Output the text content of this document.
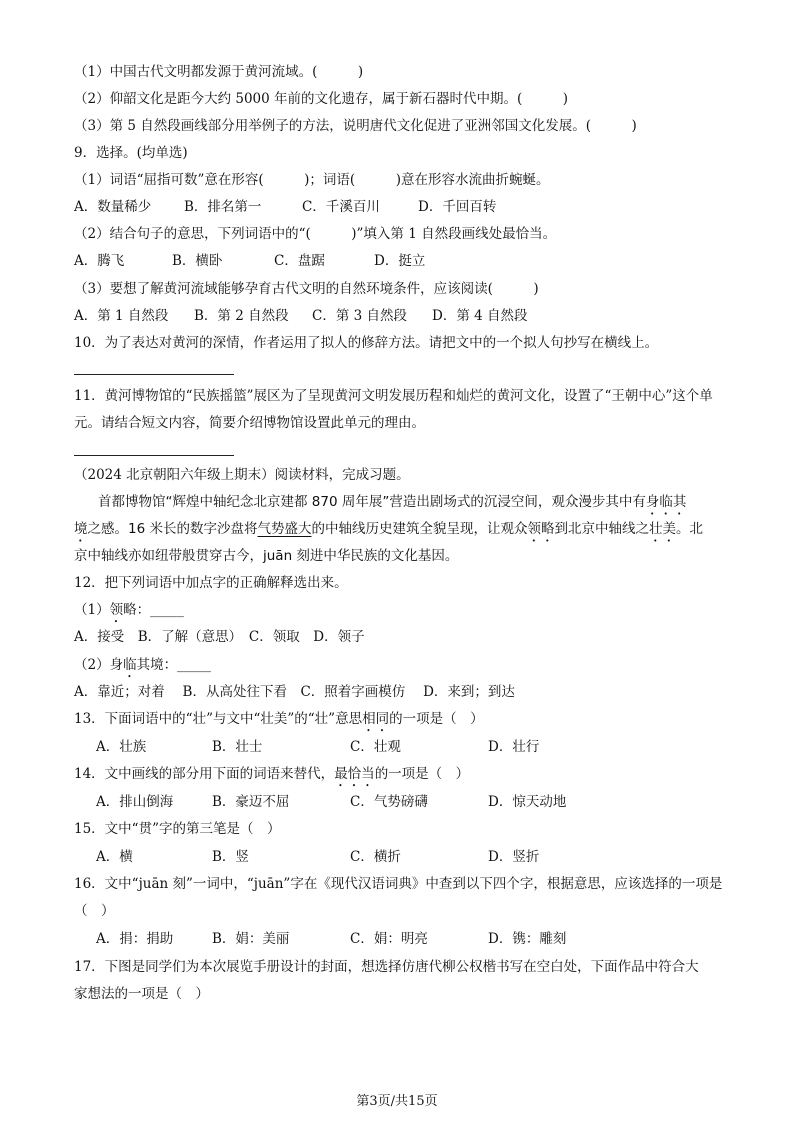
（1）中国古代文明都发源于黄河流域。(　　　)
（2）仰韶文化是距今大约 5000 年前的文化遗存，属于新石器时代中期。(　　　)
（3）第 5 自然段画线部分用举例子的方法，说明唐代文化促进了亚洲邻国文化发展。(　　　)
9．选择。(均单选)
（1）词语“屈指可数”意在形容(　　　)；词语(　　　)意在形容水流曲折蜿蜒。
A．数量稀少 B．排名第一	C．千溪百川	D．千回百转
（2）结合句子的意思，下列词语中的“(　　　)”填入第 1 自然段画线处最恰当。
A．腾飞	B．横卧	C．盘踞	D．挺立
（3）要想了解黄河流域能够孕育古代文明的自然环境条件，应该阅读(　　　)
A．第 1 自然段 B．第 2 自然段 C．第 3 自然段 D．第 4 自然段
10．为了表达对黄河的深情，作者运用了拟人的修辞方法。请把文中的一个拟人句抄写在横线上。
11．黄河博物馆的“民族摇篮”展区为了呈现黄河文明发展历程和灿烂的黄河文化，设置了“王朝中心”这个单
元。请结合短文内容，简要介绍博物馆设置此单元的理由。
（2024 北京朝阳六年级上期末）阅读材料，完成习题。
首都博物馆“辉煌中轴纪念北京建都 870 周年展”营造出剧场式的沉浸空间，观众漫步其中有身临其
境之感。16 米长的数字沙盘将气势盛大的中轴线历史建筑全貌呈现，让观众领略到北京中轴线之壮美。北
京中轴线亦如纽带般贯穿古今，juān 刻进中华民族的文化基因。
12．把下列词语中加点字的正确解释选出来。
（1）领略：_____
A．接受　B．了解（意思）　C．领取　D．领子
（2）身临其境：_____
A．靠近；对着　 B．从高处往下看　C．照着字画模仿　 D．来到；到达
13．下面词语中的“壮”与文中“壮美”的“壮”意思相同的一项是（　）
A．壮族	B．壮士	C．壮观	D．壮行
14．文中画线的部分用下面的词语来替代，最恰当的一项是（　）
A．排山倒海	B．豪迈不屈	C．气势磅礴	D．惊天动地
15．文中“贯”字的第三笔是（　）
A．横	B．竖	C．横折	D．竖折
16．文中“juān 刻”一词中，“juān”字在《现代汉语词典》中查到以下四个字，根据意思，应该选择的一项是
（　）
A．捐：捐助	B．娟：美丽	C．娟：明亮	D．镌：雕刻
17．下图是同学们为本次展览手册设计的封面，想选择仿唐代柳公权楷书写在空白处，下面作品中符合大
家想法的一项是（　）
第3页/共15页
